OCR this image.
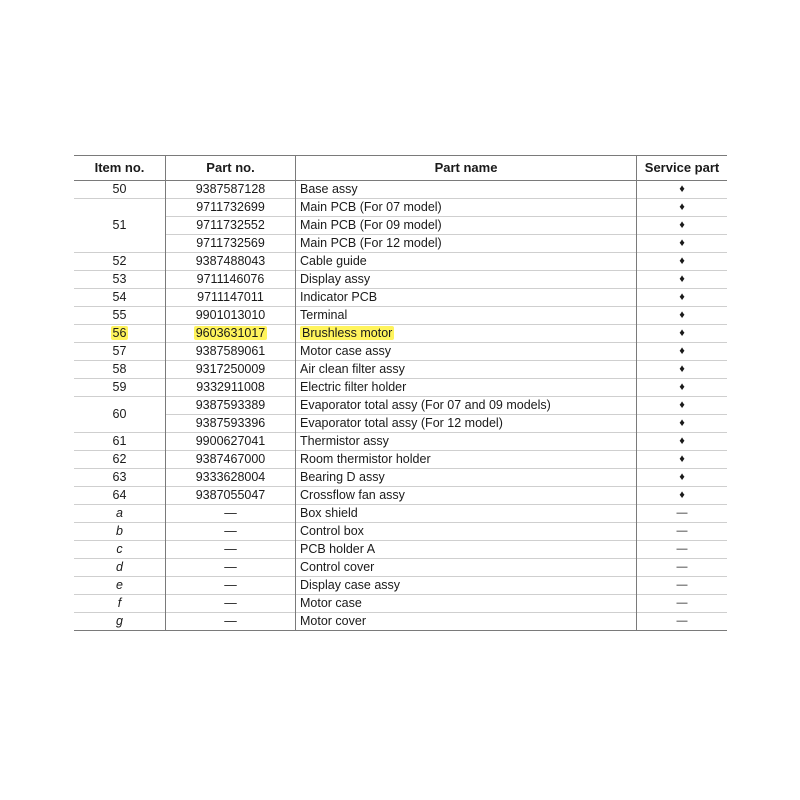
Item no.	Part no.	Part name	Service part
50	9387587128	Base assy	♦
51	9711732699	Main PCB (For 07 model)	♦
	9711732552	Main PCB (For 09 model)	♦
	9711732569	Main PCB (For 12 model)	♦
52	9387488043	Cable guide	♦
53	9711146076	Display assy	♦
54	9711147011	Indicator PCB	♦
55	9901013010	Terminal	♦
56	9603631017	Brushless motor	♦
57	9387589061	Motor case assy	♦
58	9317250009	Air clean filter assy	♦
59	9332911008	Electric filter holder	♦
60	9387593389	Evaporator total assy (For 07 and 09 models)	♦
	9387593396	Evaporator total assy (For 12 model)	♦
61	9900627041	Thermistor assy	♦
62	9387467000	Room thermistor holder	♦
63	9333628004	Bearing D assy	♦
64	9387055047	Crossflow fan assy	♦
a	—	Box shield	—
b	—	Control box	—
c	—	PCB holder A	—
d	—	Control cover	—
e	—	Display case assy	—
f	—	Motor case	—
g	—	Motor cover	—
